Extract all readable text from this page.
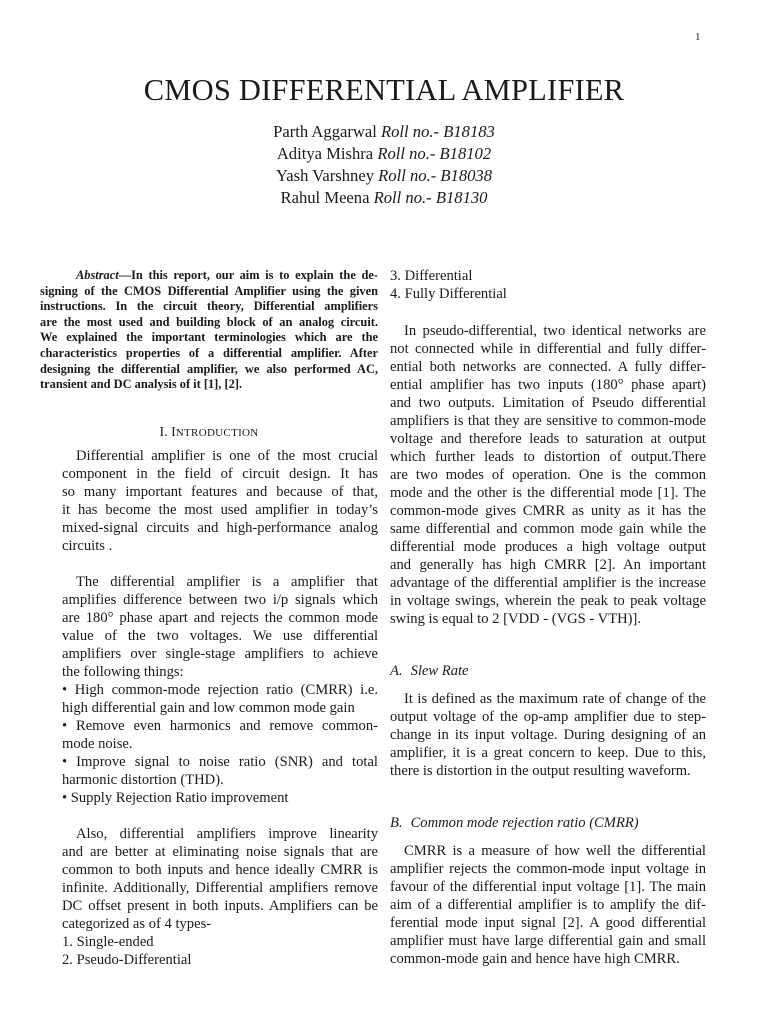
1
CMOS DIFFERENTIAL AMPLIFIER
Parth Aggarwal Roll no.- B18183
Aditya Mishra Roll no.- B18102
Yash Varshney Roll no.- B18038
Rahul Meena Roll no.- B18130
Abstract—In this report, our aim is to explain the de-
signing of the CMOS Differential Amplifier using the given
instructions. In the circuit theory, Differential amplifiers
are the most used and building block of an analog circuit.
We explained the important terminologies which are the
characteristics properties of a differential amplifier. After
designing the differential amplifier, we also performed AC,
transient and DC analysis of it [1], [2].
I. INTRODUCTION
Differential amplifier is one of the most crucial
component in the field of circuit design. It has
so many important features and because of that,
it has become the most used amplifier in today’s
mixed-signal circuits and high-performance analog
circuits .
The differential amplifier is a amplifier that
amplifies difference between two i/p signals which
are 180° phase apart and rejects the common mode
value of the two voltages. We use differential
amplifiers over single-stage amplifiers to achieve
the following things:
• High common-mode rejection ratio (CMRR) i.e.
high differential gain and low common mode gain
• Remove even harmonics and remove common-
mode noise.
• Improve signal to noise ratio (SNR) and total
harmonic distortion (THD).
• Supply Rejection Ratio improvement
Also, differential amplifiers improve linearity
and are better at eliminating noise signals that are
common to both inputs and hence ideally CMRR is
infinite. Additionally, Differential amplifiers remove
DC offset present in both inputs. Amplifiers can be
categorized as of 4 types-
1. Single-ended
2. Pseudo-Differential
3. Differential
4. Fully Differential
In pseudo-differential, two identical networks are
not connected while in differential and fully differ-
ential both networks are connected. A fully differ-
ential amplifier has two inputs (180° phase apart)
and two outputs. Limitation of Pseudo differential
amplifiers is that they are sensitive to common-mode
voltage and therefore leads to saturation at output
which further leads to distortion of output.There
are two modes of operation. One is the common
mode and the other is the differential mode [1]. The
common-mode gives CMRR as unity as it has the
same differential and common mode gain while the
differential mode produces a high voltage output
and generally has high CMRR [2]. An important
advantage of the differential amplifier is the increase
in voltage swings, wherein the peak to peak voltage
swing is equal to 2 [VDD - (VGS - VTH)].
It is defined as the maximum rate of change of the
output voltage of the op-amp amplifier due to step-
change in its input voltage. During designing of an
amplifier, it is a great concern to keep. Due to this,
there is distortion in the output resulting waveform.
CMRR is a measure of how well the differential
amplifier rejects the common-mode input voltage in
favour of the differential input voltage [1]. The main
aim of a differential amplifier is to amplify the dif-
ferential mode input signal [2]. A good differential
amplifier must have large differential gain and small
common-mode gain and hence have high CMRR.
A. Slew Rate
B. Common mode rejection ratio (CMRR)
